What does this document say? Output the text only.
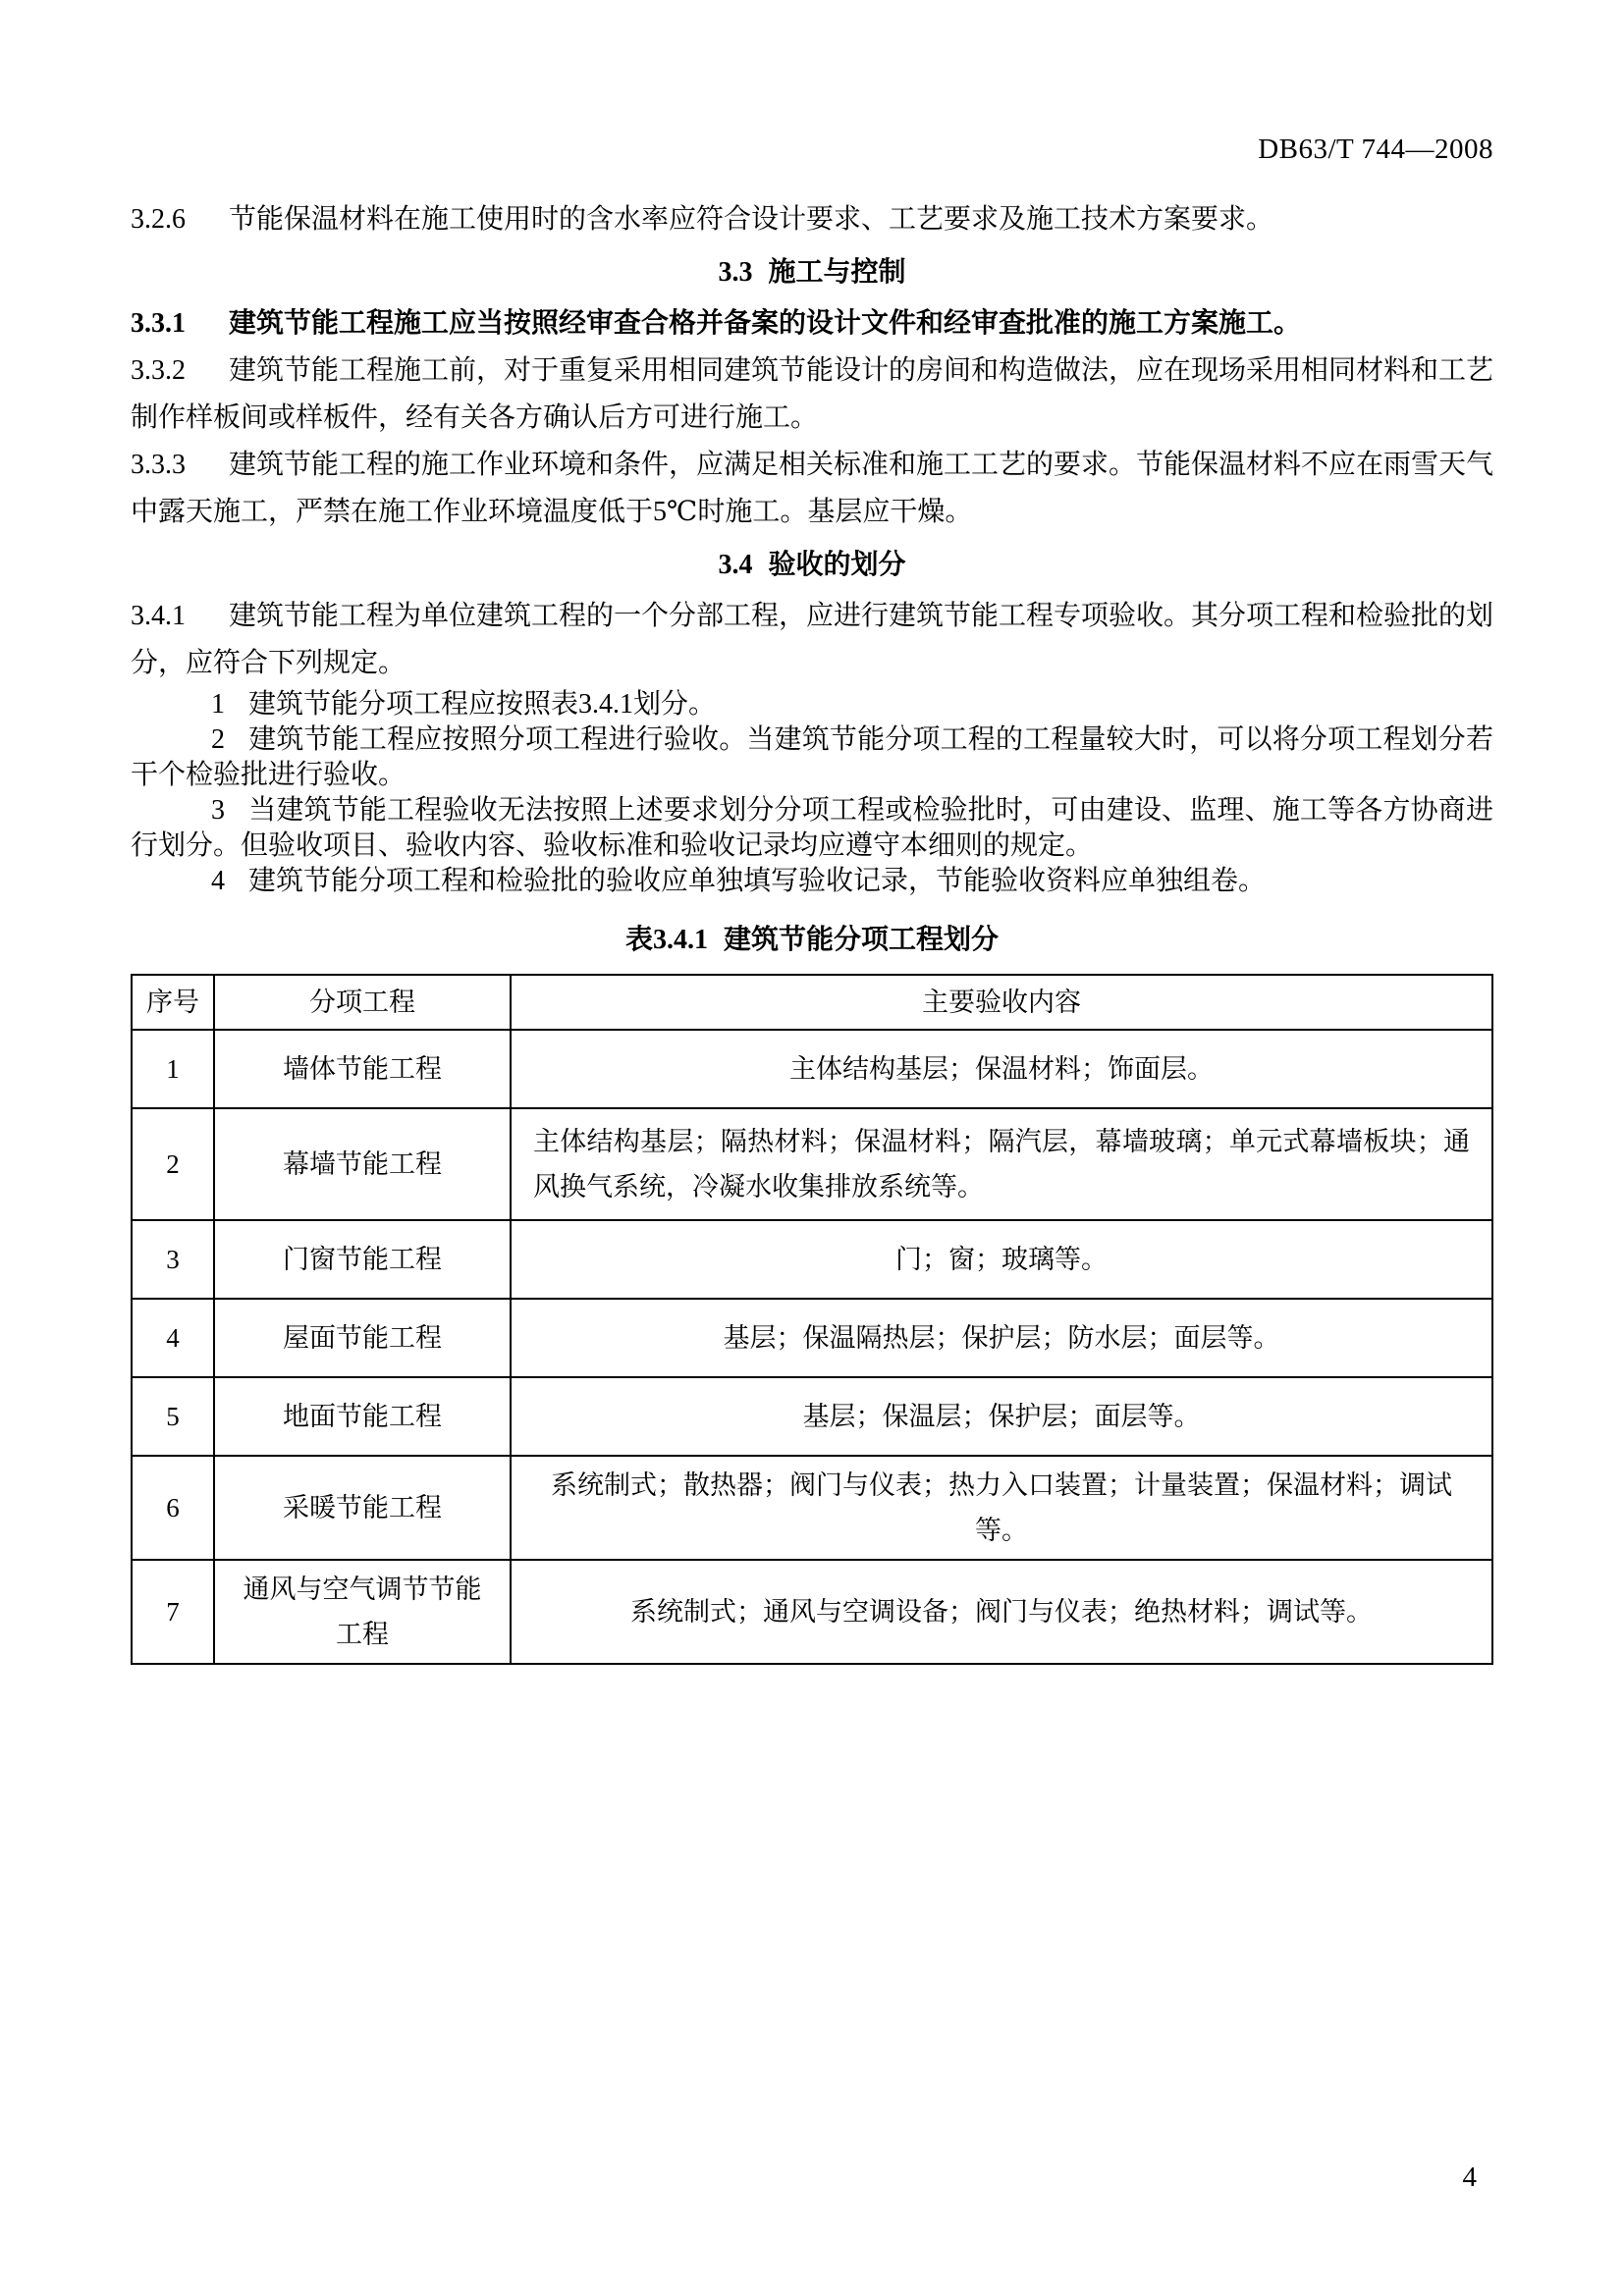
DB63/T 744—2008

3.2.6 节能保温材料在施工使用时的含水率应符合设计要求、工艺要求及施工技术方案要求。

3.3 施工与控制

3.3.1 建筑节能工程施工应当按照经审查合格并备案的设计文件和经审查批准的施工方案施工。

3.3.2 建筑节能工程施工前，对于重复采用相同建筑节能设计的房间和构造做法，应在现场采用相同材料和工艺制作样板间或样板件，经有关各方确认后方可进行施工。

3.3.3 建筑节能工程的施工作业环境和条件，应满足相关标准和施工工艺的要求。节能保温材料不应在雨雪天气中露天施工，严禁在施工作业环境温度低于5℃时施工。基层应干燥。

3.4 验收的划分

3.4.1 建筑节能工程为单位建筑工程的一个分部工程，应进行建筑节能工程专项验收。其分项工程和检验批的划分，应符合下列规定。

1 建筑节能分项工程应按照表3.4.1划分。

2 建筑节能工程应按照分项工程进行验收。当建筑节能分项工程的工程量较大时，可以将分项工程划分若干个检验批进行验收。

3 当建筑节能工程验收无法按照上述要求划分分项工程或检验批时，可由建设、监理、施工等各方协商进行划分。但验收项目、验收内容、验收标准和验收记录均应遵守本细则的规定。

4 建筑节能分项工程和检验批的验收应单独填写验收记录，节能验收资料应单独组卷。

表3.4.1 建筑节能分项工程划分
序号	分项工程	主要验收内容
1	墙体节能工程	主体结构基层；保温材料；饰面层。
2	幕墙节能工程	主体结构基层；隔热材料；保温材料；隔汽层，幕墙玻璃；单元式幕墙板块；通风换气系统，冷凝水收集排放系统等。
3	门窗节能工程	门；窗；玻璃等。
4	屋面节能工程	基层；保温隔热层；保护层；防水层；面层等。
5	地面节能工程	基层；保温层；保护层；面层等。
6	采暖节能工程	系统制式；散热器；阀门与仪表；热力入口装置；计量装置；保温材料；调试等。
7	通风与空气调节节能工程	系统制式；通风与空调设备；阀门与仪表；绝热材料；调试等。
4
